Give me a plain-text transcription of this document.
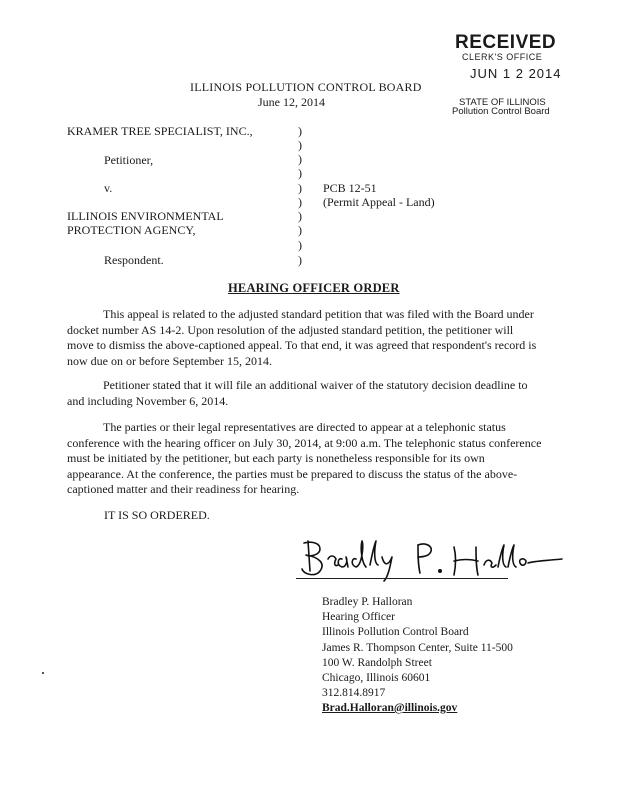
RECEIVED
CLERK'S OFFICE
JUN 1 2 2014
STATE OF ILLINOIS
Pollution Control Board
ILLINOIS POLLUTION CONTROL BOARD
June 12, 2014
KRAMER TREE SPECIALIST, INC.,
Petitioner,
v.
ILLINOIS ENVIRONMENTAL
PROTECTION AGENCY,
Respondent.
)
)
)
)
)
)
)
)
)
)
PCB 12-51
(Permit Appeal - Land)
HEARING OFFICER ORDER

This appeal is related to the adjusted standard petition that was filed with the Board under docket number AS 14-2. Upon resolution of the adjusted standard petition, the petitioner will move to dismiss the above-captioned appeal. To that end, it was agreed that respondent's record is now due on or before September 15, 2014.

Petitioner stated that it will file an additional waiver of the statutory decision deadline to and including November 6, 2014.

The parties or their legal representatives are directed to appear at a telephonic status conference with the hearing officer on July 30, 2014, at 9:00 a.m. The telephonic status conference must be initiated by the petitioner, but each party is nonetheless responsible for its own appearance. At the conference, the parties must be prepared to discuss the status of the above-captioned matter and their readiness for hearing.

IT IS SO ORDERED.
Bradley P. Halloran
Hearing Officer
Illinois Pollution Control Board
James R. Thompson Center, Suite 11-500
100 W. Randolph Street
Chicago, Illinois 60601
312.814.8917
Brad.Halloran@illinois.gov
